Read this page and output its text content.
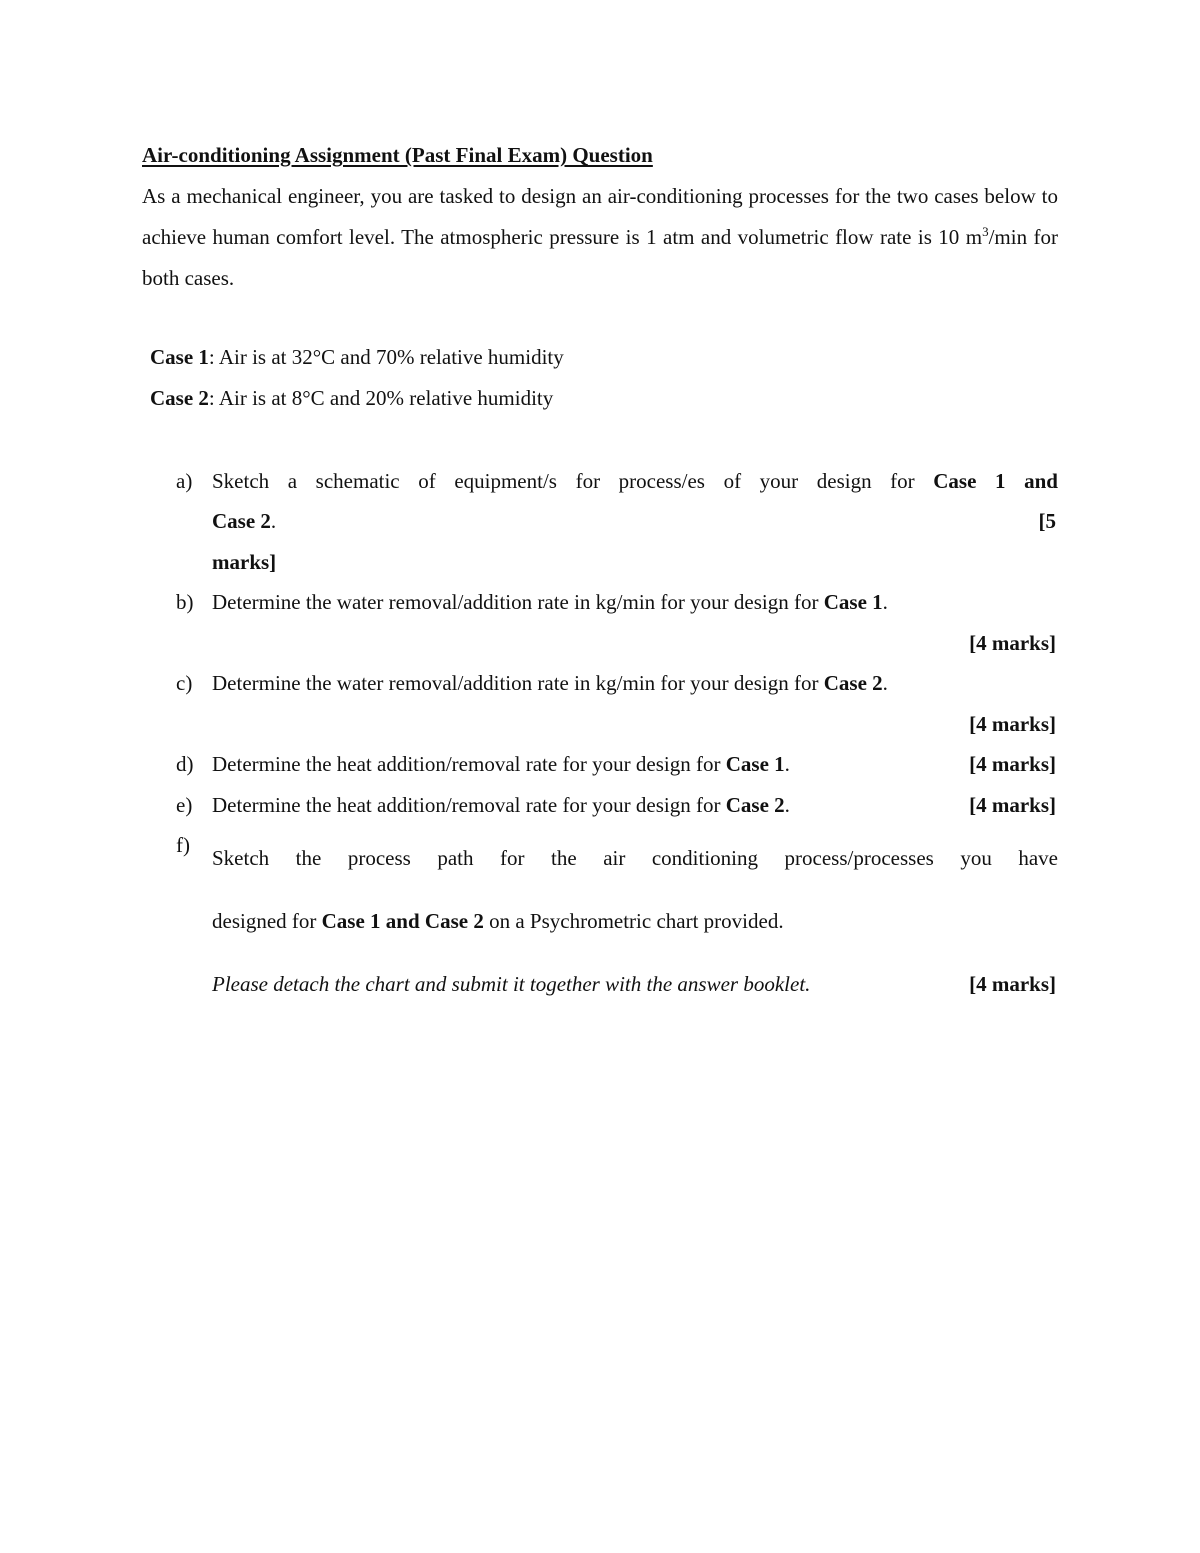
Air-conditioning Assignment (Past Final Exam) Question
As a mechanical engineer, you are tasked to design an air-conditioning processes for the two cases below to achieve human comfort level. The atmospheric pressure is 1 atm and volumetric flow rate is 10 $m^3/\min$ for both cases.
Case 1: Air is at 32°C and 70% relative humidity
Case 2: Air is at 8°C and 20% relative humidity
a) Sketch a schematic of equipment/s for process/es of your design for Case 1 and
Case 2.	[5
marks]
b) Determine the water removal/addition rate in kg/min for your design for Case 1.
[4 marks]
c) Determine the water removal/addition rate in kg/min for your design for Case 2.
[4 marks]
d) Determine the heat addition/removal rate for your design for Case 1.	[4 marks]
e) Determine the heat addition/removal rate for your design for Case 2.	[4 marks]
f)
Sketch the process path for the air conditioning process/processes you have
designed for Case 1 and Case 2 on a Psychrometric chart provided.
Please detach the chart and submit it together with the answer booklet.	[4 marks]
